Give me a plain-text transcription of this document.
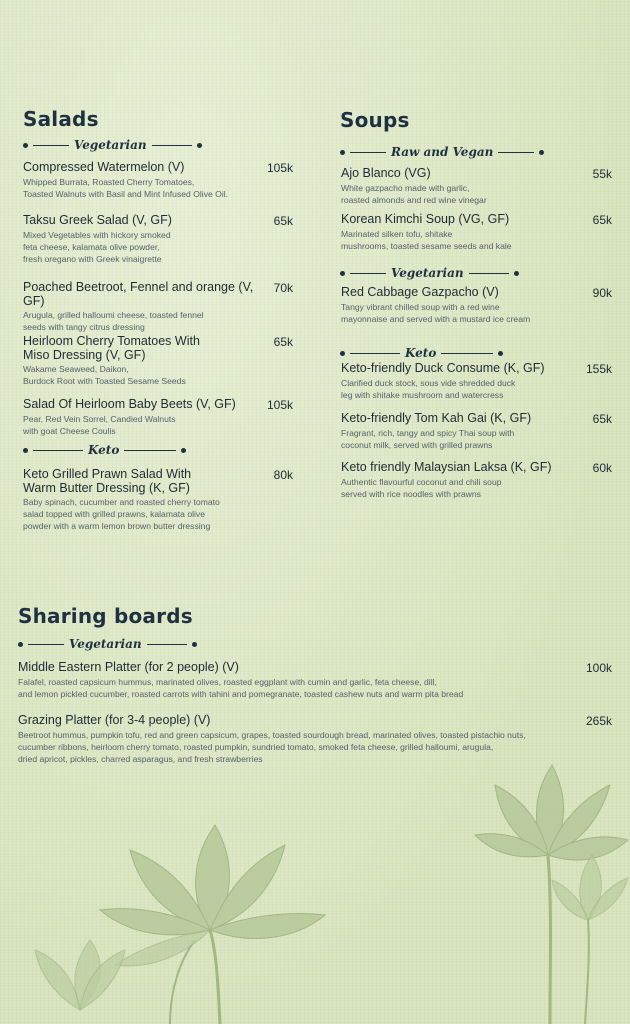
Salads
Vegetarian
Compressed Watermelon (V)
Whipped Burrata, Roasted Cherry Tomatoes,
Toasted Walnuts with Basil and Mint Infused Olive Oil.
105k
Taksu Greek Salad (V, GF)
Mixed Vegetables with hickory smoked
feta cheese, kalamata olive powder,
fresh oregano with Greek vinaigrette
65k
Poached Beetroot, Fennel and orange (V, GF)
Arugula, grilled halloumi cheese, toasted fennel
seeds with tangy citrus dressing
70k
Heirloom Cherry Tomatoes With
Miso Dressing (V, GF)
Wakame Seaweed, Daikon,
Burdock Root with Toasted Sesame Seeds
65k
Salad Of Heirloom Baby Beets (V, GF)
Pear, Red Vein Sorrel, Candied Walnuts
with goat Cheese Coulis
105k
Keto
Keto Grilled Prawn Salad With
Warm Butter Dressing (K, GF)
Baby spinach, cucumber and roasted cherry tomato
salad topped with grilled prawns, kalamata olive
powder with a warm lemon brown butter dressing
80k
Soups
Raw and Vegan
Ajo Blanco (VG)
White gazpacho made with garlic,
roasted almonds and red wine vinegar
55k
Korean Kimchi Soup (VG, GF)
Marinated silken tofu, shitake
mushrooms, toasted sesame seeds and kale
65k
Vegetarian
Red Cabbage Gazpacho (V)
Tangy vibrant chilled soup with a red wine
mayonnaise and served with a mustard ice cream
90k
Keto
Keto-friendly Duck Consume (K, GF)
Clarified duck stock, sous vide shredded duck
leg with shitake mushroom and watercress
155k
Keto-friendly Tom Kah Gai (K, GF)
Fragrant, rich, tangy and spicy Thai soup with
coconut milk, served with grilled prawns
65k
Keto friendly Malaysian Laksa (K, GF)
Authentic flavourful coconut and chili soup
served with rice noodles with prawns
60k
Sharing boards
Vegetarian
Middle Eastern Platter (for 2 people) (V)
Falafel, roasted capsicum hummus, marinated olives, roasted eggplant with cumin and garlic, feta cheese, dill,
and lemon pickled cucumber, roasted carrots with tahini and pomegranate, toasted cashew nuts and warm pita bread
100k
Grazing Platter (for 3-4 people) (V)
Beetroot hummus, pumpkin tofu, red and green capsicum, grapes, toasted sourdough bread, marinated olives, toasted pistachio nuts,
cucumber ribbons, heirloom cherry tomato, roasted pumpkin, sundried tomato, smoked feta cheese, grilled halloumi, arugula,
dried apricot, pickles, charred asparagus, and fresh strawberries
265k
